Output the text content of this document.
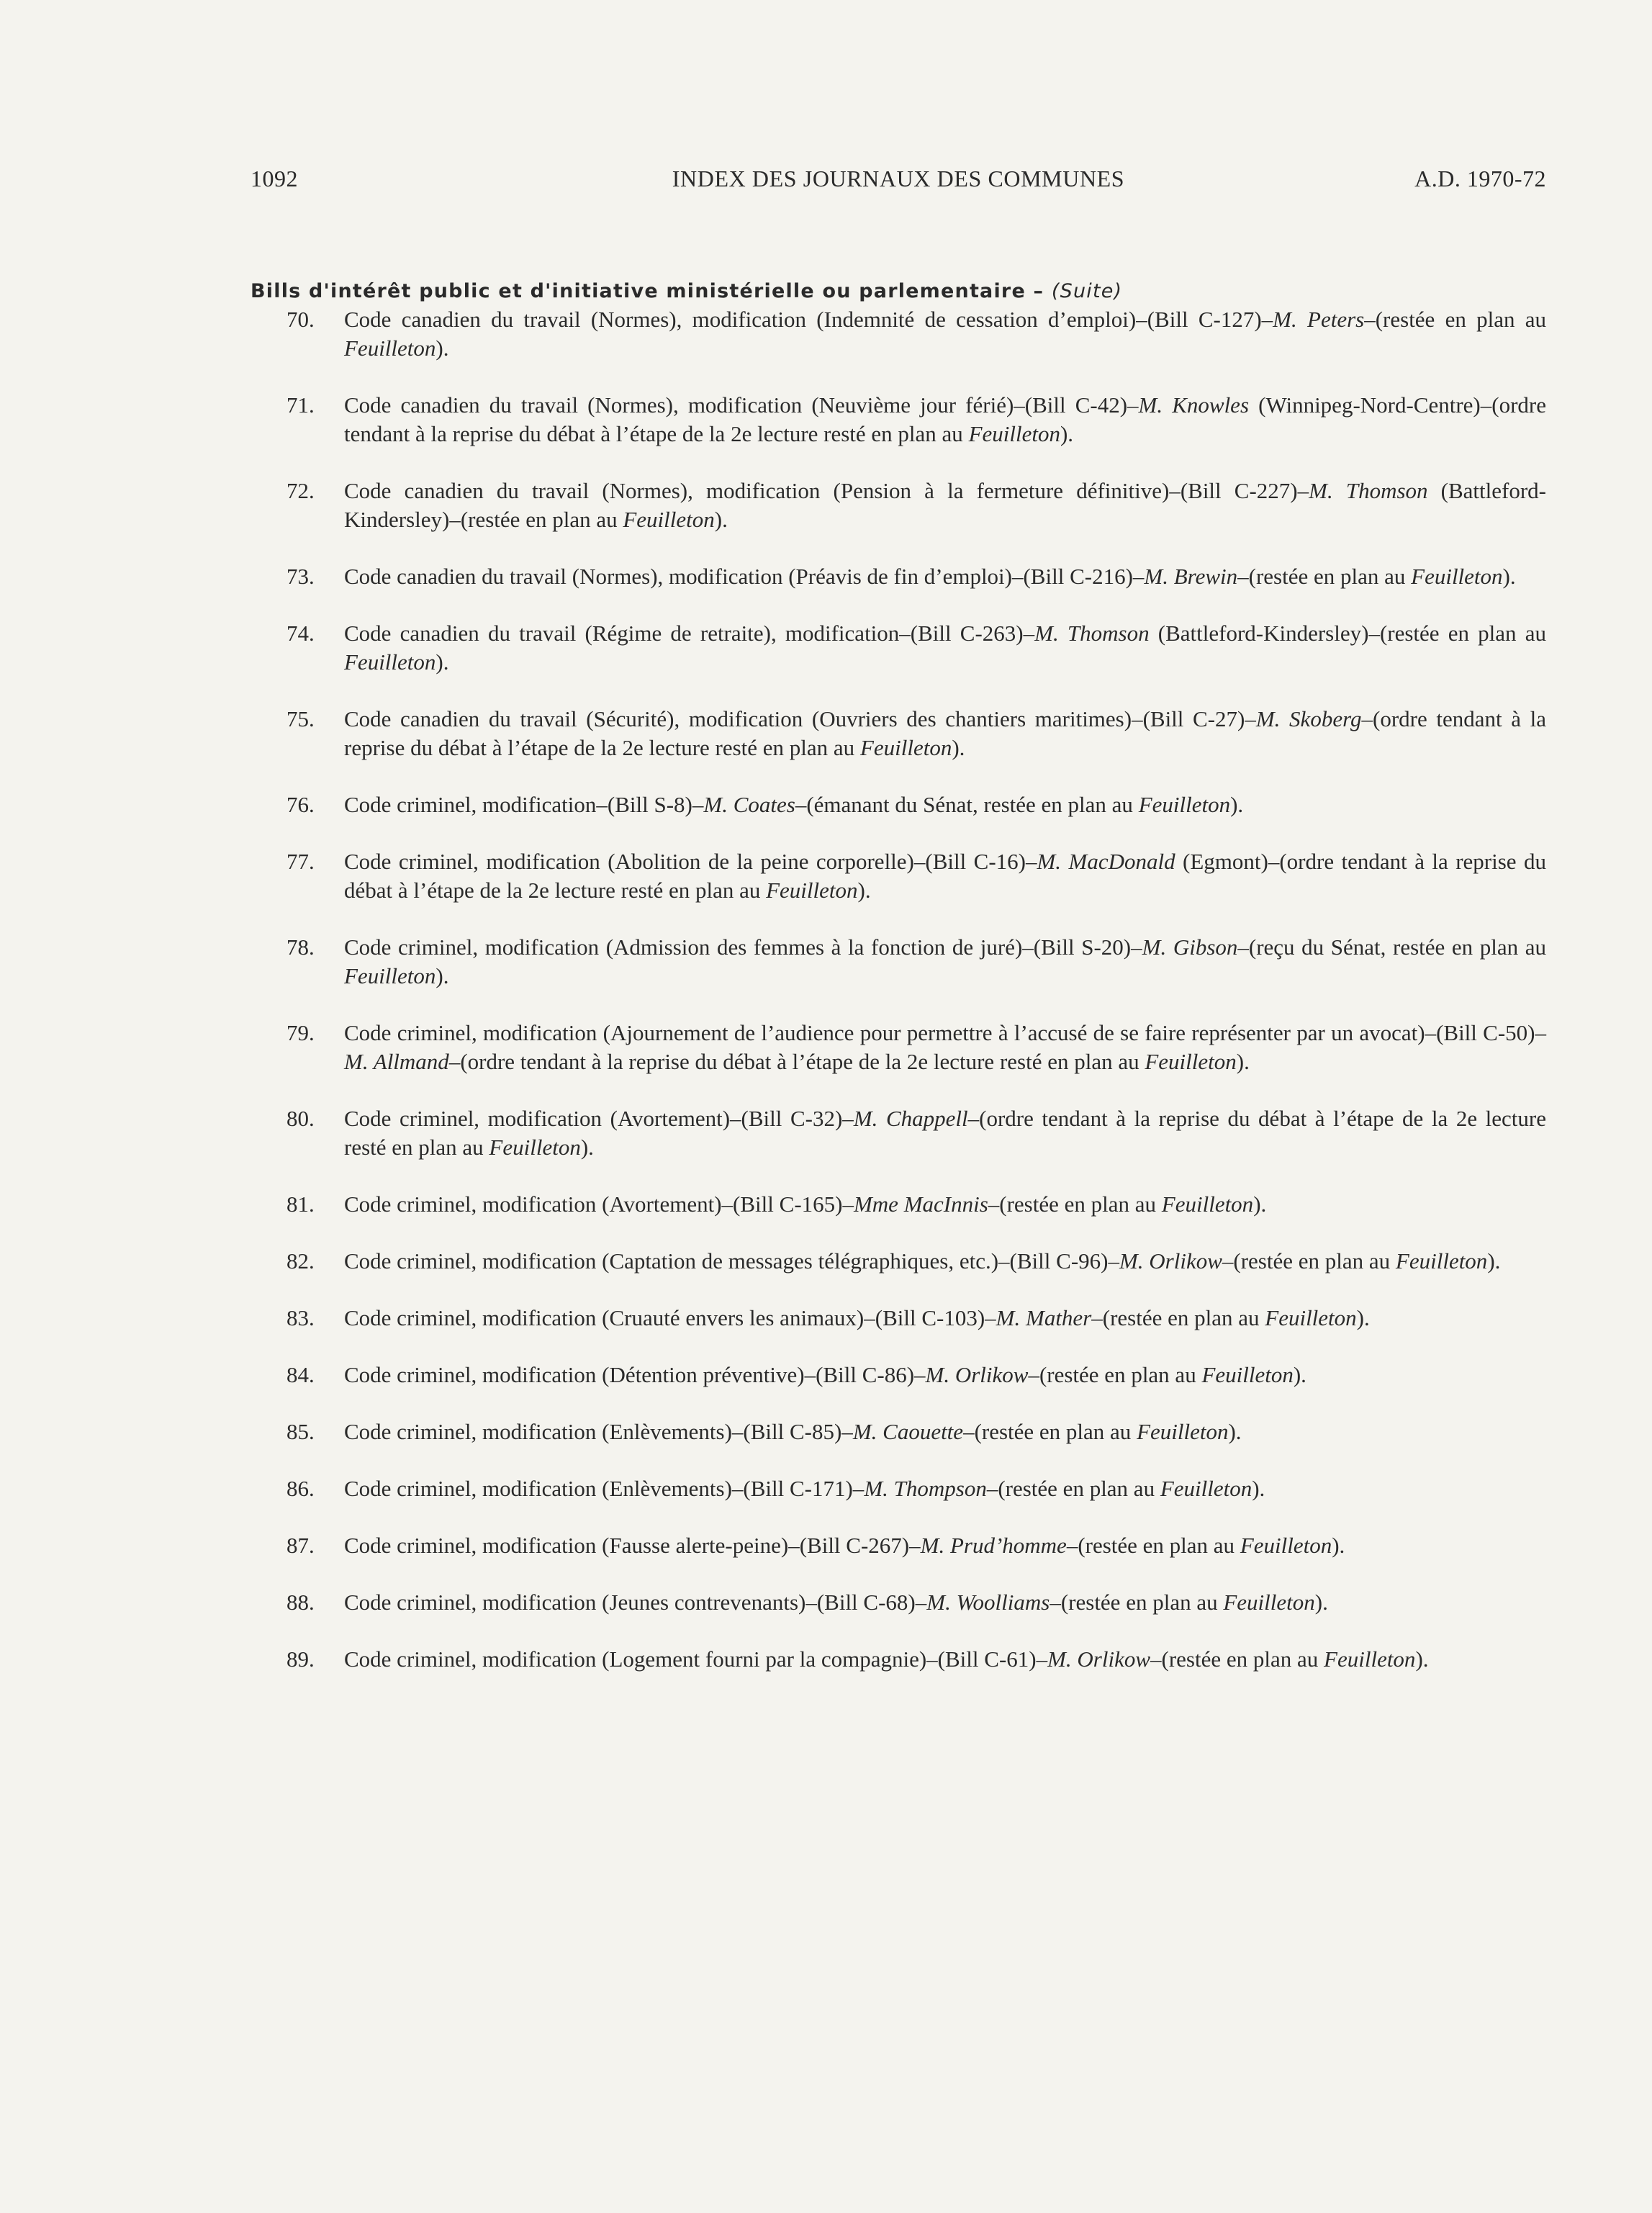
1092	INDEX DES JOURNAUX DES COMMUNES	A.D. 1970-72
Bills d'intérêt public et d'initiative ministérielle ou parlementaire – (Suite)
70. Code canadien du travail (Normes), modification (Indemnité de cessation d’emploi)–(Bill C-127)–M. Peters–(restée en plan au Feuilleton).
71. Code canadien du travail (Normes), modification (Neuvième jour férié)–(Bill C-42)–M. Knowles (Winnipeg-Nord-Centre)–(ordre tendant à la reprise du débat à l’étape de la 2e lecture resté en plan au Feuilleton).
72. Code canadien du travail (Normes), modification (Pension à la fermeture définitive)–(Bill C-227)–M. Thomson (Battleford-Kindersley)–(restée en plan au Feuilleton).
73. Code canadien du travail (Normes), modification (Préavis de fin d’emploi)–(Bill C-216)–M. Brewin–(restée en plan au Feuilleton).
74. Code canadien du travail (Régime de retraite), modification–(Bill C-263)–M. Thomson (Battleford-Kindersley)–(restée en plan au Feuilleton).
75. Code canadien du travail (Sécurité), modification (Ouvriers des chantiers maritimes)–(Bill C-27)–M. Skoberg–(ordre tendant à la reprise du débat à l’étape de la 2e lecture resté en plan au Feuilleton).
76. Code criminel, modification–(Bill S-8)–M. Coates–(émanant du Sénat, restée en plan au Feuilleton).
77. Code criminel, modification (Abolition de la peine corporelle)–(Bill C-16)–M. MacDonald (Egmont)–(ordre tendant à la reprise du débat à l’étape de la 2e lecture resté en plan au Feuilleton).
78. Code criminel, modification (Admission des femmes à la fonction de juré)–(Bill S-20)–M. Gibson–(reçu du Sénat, restée en plan au Feuilleton).
79. Code criminel, modification (Ajournement de l’audience pour permettre à l’accusé de se faire représenter par un avocat)–(Bill C-50)–M. Allmand–(ordre tendant à la reprise du débat à l’étape de la 2e lecture resté en plan au Feuilleton).
80. Code criminel, modification (Avortement)–(Bill C-32)–M. Chappell–(ordre tendant à la reprise du débat à l’étape de la 2e lecture resté en plan au Feuilleton).
81. Code criminel, modification (Avortement)–(Bill C-165)–Mme MacInnis–(restée en plan au Feuilleton).
82. Code criminel, modification (Captation de messages télégraphiques, etc.)–(Bill C-96)–M. Orlikow–(restée en plan au Feuilleton).
83. Code criminel, modification (Cruauté envers les animaux)–(Bill C-103)–M. Mather–(restée en plan au Feuilleton).
84. Code criminel, modification (Détention préventive)–(Bill C-86)–M. Orlikow–(restée en plan au Feuilleton).
85. Code criminel, modification (Enlèvements)–(Bill C-85)–M. Caouette–(restée en plan au Feuilleton).
86. Code criminel, modification (Enlèvements)–(Bill C-171)–M. Thompson–(restée en plan au Feuilleton).
87. Code criminel, modification (Fausse alerte-peine)–(Bill C-267)–M. Prud’homme–(restée en plan au Feuilleton).
88. Code criminel, modification (Jeunes contrevenants)–(Bill C-68)–M. Woolliams–(restée en plan au Feuilleton).
89. Code criminel, modification (Logement fourni par la compagnie)–(Bill C-61)–M. Orlikow–(restée en plan au Feuilleton).
